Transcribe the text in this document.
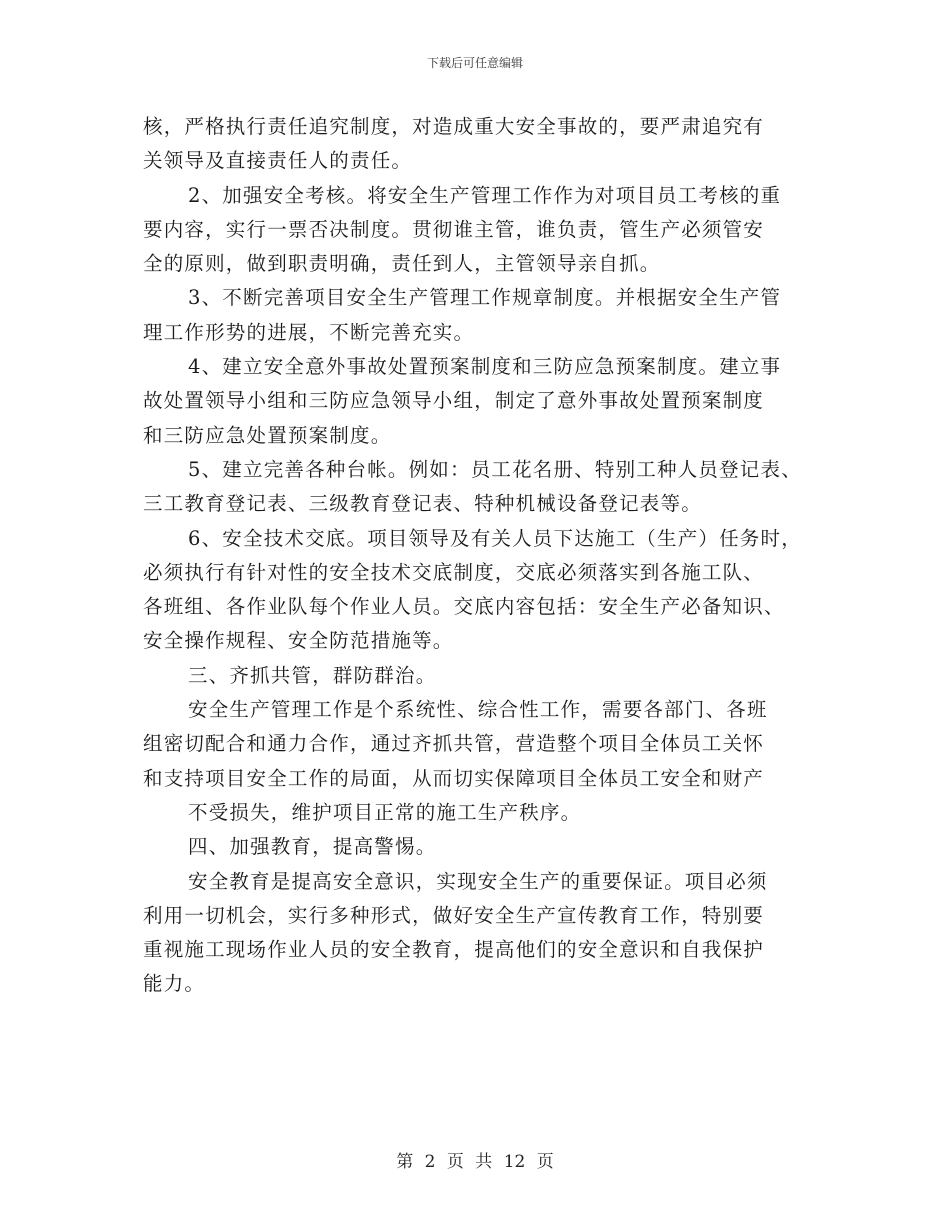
下载后可任意编辑
核，严格执行责任追究制度，对造成重大安全事故的，要严肃追究有
关领导及直接责任人的责任。
2、加强安全考核。将安全生产管理工作作为对项目员工考核的重
要内容，实行一票否决制度。贯彻谁主管，谁负责，管生产必须管安
全的原则，做到职责明确，责任到人，主管领导亲自抓。
3、不断完善项目安全生产管理工作规章制度。并根据安全生产管
理工作形势的进展，不断完善充实。
4、建立安全意外事故处置预案制度和三防应急预案制度。建立事
故处置领导小组和三防应急领导小组，制定了意外事故处置预案制度
和三防应急处置预案制度。
5、建立完善各种台帐。例如：员工花名册、特别工种人员登记表、
三工教育登记表、三级教育登记表、特种机械设备登记表等。
6、安全技术交底。项目领导及有关人员下达施工（生产）任务时，
必须执行有针对性的安全技术交底制度，交底必须落实到各施工队、
各班组、各作业队每个作业人员。交底内容包括：安全生产必备知识、
安全操作规程、安全防范措施等。
三、齐抓共管，群防群治。
安全生产管理工作是个系统性、综合性工作，需要各部门、各班
组密切配合和通力合作，通过齐抓共管，营造整个项目全体员工关怀
和支持项目安全工作的局面，从而切实保障项目全体员工安全和财产
不受损失，维护项目正常的施工生产秩序。
四、加强教育，提高警惕。
安全教育是提高安全意识，实现安全生产的重要保证。项目必须
利用一切机会，实行多种形式，做好安全生产宣传教育工作，特别要
重视施工现场作业人员的安全教育，提高他们的安全意识和自我保护
能力。
第 2 页 共 12 页
